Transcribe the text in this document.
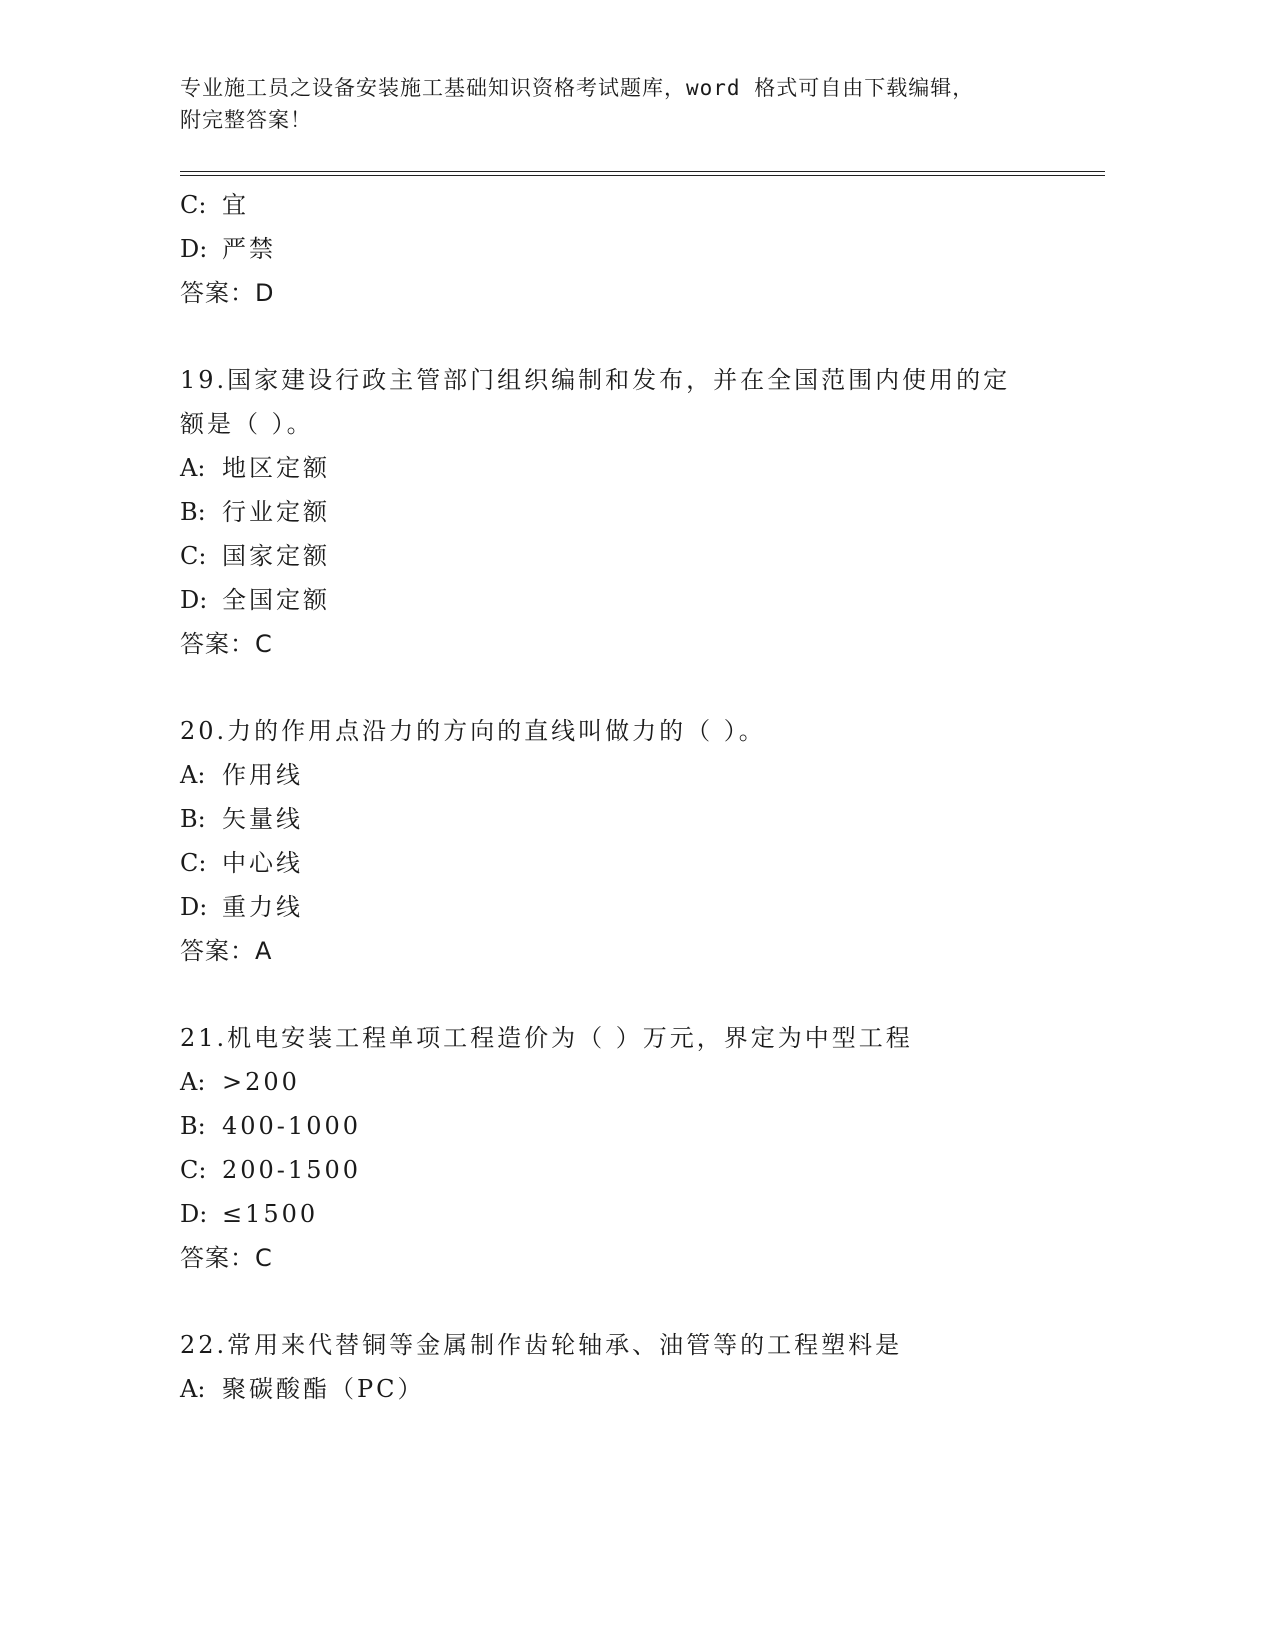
专业施工员之设备安装施工基础知识资格考试题库，word 格式可自由下载编辑，
附完整答案！
C: 宜
D: 严禁
答案：D
19.国家建设行政主管部门组织编制和发布，并在全国范围内使用的定
额是（ ）。
A: 地区定额
B: 行业定额
C: 国家定额
D: 全国定额
答案：C
20.力的作用点沿力的方向的直线叫做力的（ ）。
A: 作用线
B: 矢量线
C: 中心线
D: 重力线
答案：A
21.机电安装工程单项工程造价为（ ）万元，界定为中型工程
A: >200
B: 400-1000
C: 200-1500
D: ≤1500
答案：C
22.常用来代替铜等金属制作齿轮轴承、油管等的工程塑料是
A: 聚碳酸酯（PC）
